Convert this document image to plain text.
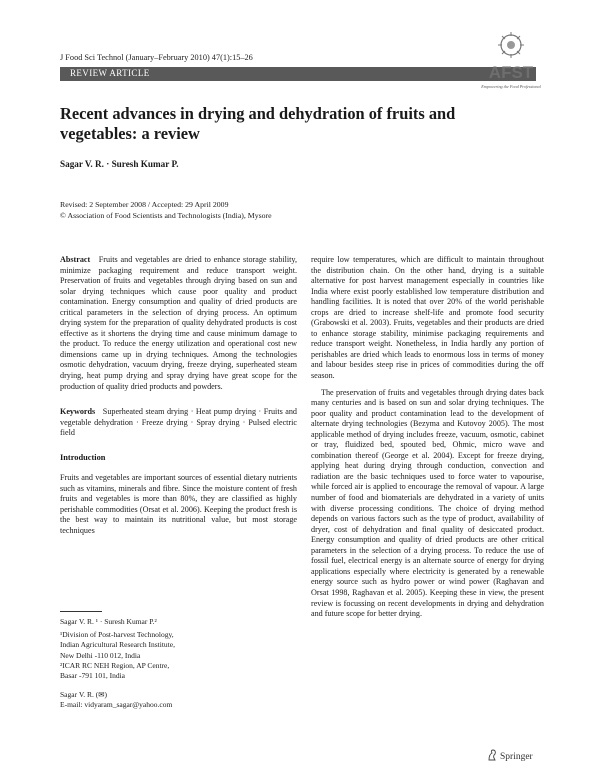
J Food Sci Technol (January–February 2010) 47(1):15–26
REVIEW ARTICLE	AFST
Empowering the Food Professional
Recent advances in drying and dehydration of fruits and vegetables: a review
Sagar V. R. · Suresh Kumar P.
Revised: 2 September 2008 / Accepted: 29 April 2009
© Association of Food Scientists and Technologists (India), Mysore

Abstract Fruits and vegetables are dried to enhance storage stability, minimize packaging requirement and reduce transport weight. Preservation of fruits and vegetables through drying based on sun and solar drying techniques which cause poor quality and product contamination. Energy consumption and quality of dried products are critical parameters in the selection of drying process. An optimum drying system for the preparation of quality dehydrated products is cost effective as it shortens the drying time and cause minimum damage to the product. To reduce the energy utilization and operational cost new dimensions came up in drying techniques. Among the technologies osmotic dehydration, vacuum drying, freeze drying, superheated steam drying, heat pump drying and spray drying have great scope for the production of quality dried products and powders.

Keywords Superheated steam drying · Heat pump drying · Fruits and vegetable dehydration · Freeze drying · Spray drying · Pulsed electric field

Introduction

Fruits and vegetables are important sources of essential dietary nutrients such as vitamins, minerals and fibre. Since the moisture content of fresh fruits and vegetables is more than 80%, they are classified as highly perishable commodities (Orsat et al. 2006). Keeping the product fresh is the best way to maintain its nutritional value, but most storage techniques

require low temperatures, which are difficult to maintain throughout the distribution chain. On the other hand, drying is a suitable alternative for post harvest management especially in countries like India where exist poorly established low temperature distribution and handling facilities. It is noted that over 20% of the world perishable crops are dried to increase shelf-life and promote food security (Grabowski et al. 2003). Fruits, vegetables and their products are dried to enhance storage stability, minimise packaging requirements and reduce transport weight. Nonetheless, in India hardly any portion of perishables are dried which leads to enormous loss in terms of money and labour besides steep rise in prices of commodities during the off season.

The preservation of fruits and vegetables through drying dates back many centuries and is based on sun and solar drying techniques. The poor quality and product contamination lead to the development of alternate drying technologies (Bezyma and Kutovoy 2005). The most applicable method of drying includes freeze, vacuum, osmotic, cabinet or tray, fluidized bed, spouted bed, Ohmic, micro wave and combination thereof (George et al. 2004). Except for freeze drying, applying heat during drying through conduction, convection and radiation are the basic techniques used to force water to vapourise, while forced air is applied to encourage the removal of vapour. A large number of food and biomaterials are dehydrated in a variety of units with diverse processing conditions. The choice of drying method depends on various factors such as the type of product, availability of dryer, cost of dehydration and final quality of desiccated product. Energy consumption and quality of dried products are other critical parameters in the selection of a drying process. To reduce the use of fossil fuel, electrical energy is an alternate source of energy for drying applications especially where electricity is generated by a renewable energy source such as hydro power or wind power (Raghavan and Orsat 1998, Raghavan et al. 2005). Keeping these in view, the present review is focussing on recent developments in drying and dehydration and future scope for better drying.

Sagar V. R. ¹ · Suresh Kumar P.²

¹Division of Post-harvest Technology,

Indian Agricultural Research Institute,

New Delhi -110 012, India

²ICAR RC NEH Region, AP Centre,

Basar -791 101, India

Sagar V. R. (✉)

E-mail: vidyaram_sagar@yahoo.com

Springer
